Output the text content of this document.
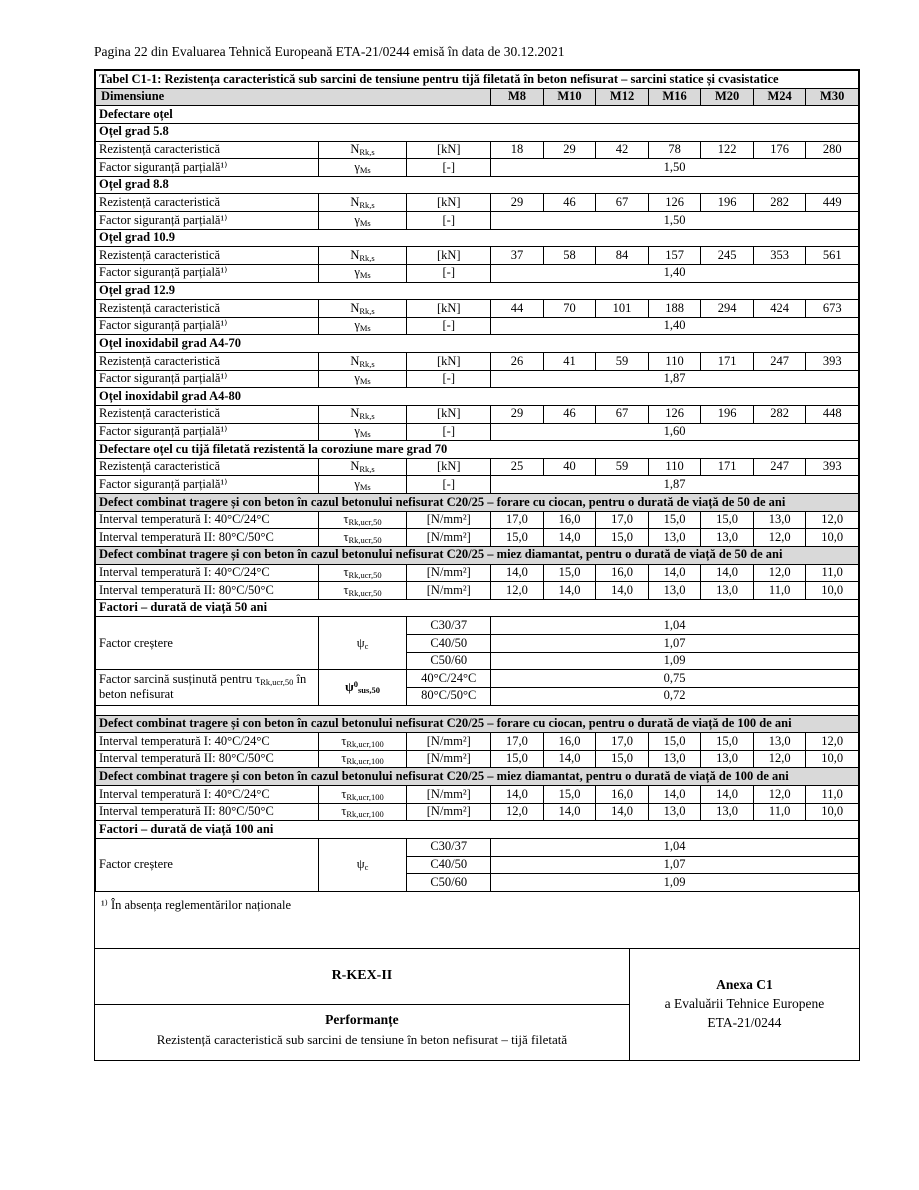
Pagina 22 din Evaluarea Tehnică Europeană ETA-21/0244 emisă în data de 30.12.2021
Tabel C1-1: Rezistența caracteristică sub sarcini de tensiune pentru tijă filetată în beton nefisurat – sarcini statice și cvasistatice									
Dimensiune			M8	M10	M12	M16	M20	M24	M30
Defectare oțel									
Oțel grad 5.8									
Rezistență caracteristică	$N_{Rk,s}$	[kN]	18	29	42	78	122	176	280
Factor siguranță parțială¹⁾	$\gamma_{Ms}$	[-]	1,50						
Oțel grad 8.8									
Rezistență caracteristică	$N_{Rk,s}$	[kN]	29	46	67	126	196	282	449
Factor siguranță parțială¹⁾	$\gamma_{Ms}$	[-]	1,50						
Oțel grad 10.9									
Rezistență caracteristică	$N_{Rk,s}$	[kN]	37	58	84	157	245	353	561
Factor siguranță parțială¹⁾	$\gamma_{Ms}$	[-]	1,40						
Oțel grad 12.9									
Rezistență caracteristică	$N_{Rk,s}$	[kN]	44	70	101	188	294	424	673
Factor siguranță parțială¹⁾	$\gamma_{Ms}$	[-]	1,40						
Oțel inoxidabil grad A4-70									
Rezistență caracteristică	$N_{Rk,s}$	[kN]	26	41	59	110	171	247	393
Factor siguranță parțială¹⁾	$\gamma_{Ms}$	[-]	1,87						
Oțel inoxidabil grad A4-80									
Rezistență caracteristică	$N_{Rk,s}$	[kN]	29	46	67	126	196	282	448
Factor siguranță parțială¹⁾	$\gamma_{Ms}$	[-]	1,60						
Defectare oțel cu tijă filetată rezistentă la coroziune mare grad 70									
Rezistență caracteristică	$N_{Rk,s}$	[kN]	25	40	59	110	171	247	393
Factor siguranță parțială¹⁾	$\gamma_{Ms}$	[-]	1,87						
Defect combinat tragere și con beton în cazul betonului nefisurat C20/25 – forare cu ciocan, pentru o durată de viață de 50 de ani									
Interval temperatură I: 40°C/24°C	$\tau_{Rk,ucr,50}$	[N/mm²]	17,0	16,0	17,0	15,0	15,0	13,0	12,0
Interval temperatură II: 80°C/50°C	$\tau_{Rk,ucr,50}$	[N/mm²]	15,0	14,0	15,0	13,0	13,0	12,0	10,0
Defect combinat tragere și con beton în cazul betonului nefisurat C20/25 – miez diamantat, pentru o durată de viață de 50 de ani									
Interval temperatură I: 40°C/24°C	$\tau_{Rk,ucr,50}$	[N/mm²]	14,0	15,0	16,0	14,0	14,0	12,0	11,0
Interval temperatură II: 80°C/50°C	$\tau_{Rk,ucr,50}$	[N/mm²]	12,0	14,0	14,0	13,0	13,0	11,0	10,0
Factori – durată de viață 50 ani									
Factor creștere	$\psi_c$	C30/37	1,04						
		C40/50	1,07						
		C50/60	1,09						
Factor sarcină susținută pentru $\tau_{Rk,ucr,50}$ în beton nefisurat	$\psi^0_{sus,50}$	40°C/24°C	0,75						
		80°C/50°C	0,72						

Defect combinat tragere și con beton în cazul betonului nefisurat C20/25 – forare cu ciocan, pentru o durată de viață de 100 de ani									
Interval temperatură I: 40°C/24°C	$\tau_{Rk,ucr,100}$	[N/mm²]	17,0	16,0	17,0	15,0	15,0	13,0	12,0
Interval temperatură II: 80°C/50°C	$\tau_{Rk,ucr,100}$	[N/mm²]	15,0	14,0	15,0	13,0	13,0	12,0	10,0
Defect combinat tragere și con beton în cazul betonului nefisurat C20/25 – miez diamantat, pentru o durată de viață de 100 de ani									
Interval temperatură I: 40°C/24°C	$\tau_{Rk,ucr,100}$	[N/mm²]	14,0	15,0	16,0	14,0	14,0	12,0	11,0
Interval temperatură II: 80°C/50°C	$\tau_{Rk,ucr,100}$	[N/mm²]	12,0	14,0	14,0	13,0	13,0	11,0	10,0
Factori – durată de viață 100 ani									
Factor creștere	$\psi_c$	C30/37	1,04						
		C40/50	1,07						
		C50/60	1,09						
¹⁾ În absența reglementărilor naționale
R-KEX-II
Performanțe
Rezistență caracteristică sub sarcini de tensiune în beton nefisurat – tijă filetată
Anexa C1
a Evaluării Tehnice Europene
ETA-21/0244
